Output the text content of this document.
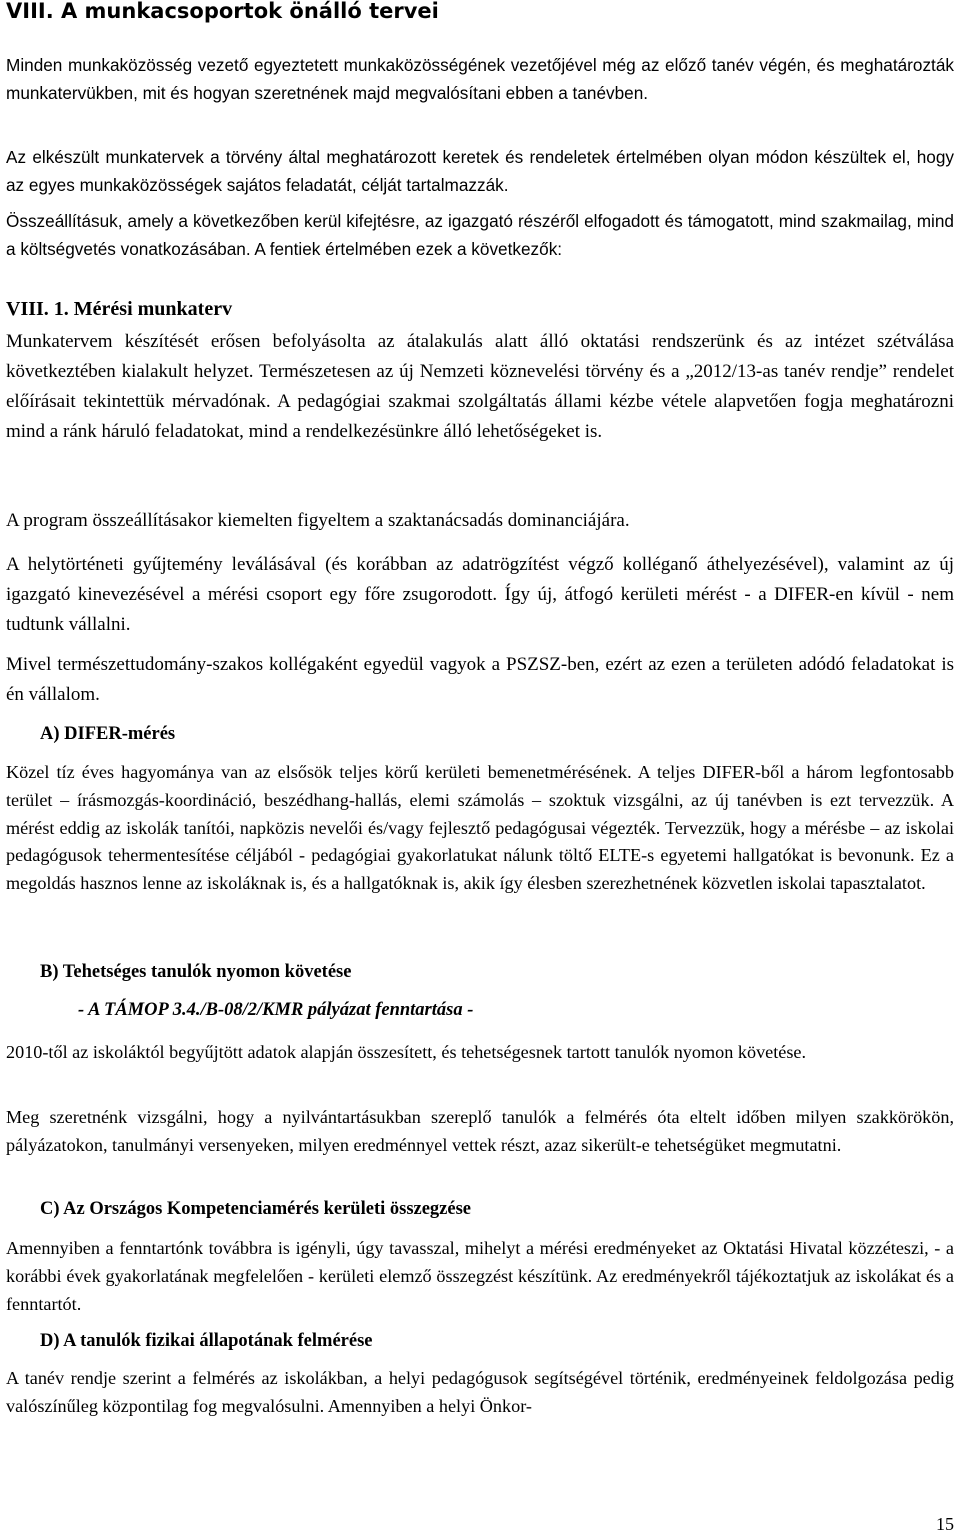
VIII. A munkacsoportok önálló tervei

Minden munkaközösség vezető egyeztetett munkaközösségének vezetőjével még az előző tanév végén, és meghatározták munkatervükben, mit és hogyan szeretnének majd megvalósítani ebben a tanévben.

Az elkészült munkatervek a törvény által meghatározott keretek és rendeletek értelmében olyan módon készültek el, hogy az egyes munkaközösségek sajátos feladatát, célját tartalmazzák.

Összeállításuk, amely a következőben kerül kifejtésre, az igazgató részéről elfogadott és támogatott, mind szakmailag, mind a költségvetés vonatkozásában. A fentiek értelmében ezek a következők:

VIII. 1. Mérési munkaterv

Munkatervem készítését erősen befolyásolta az átalakulás alatt álló oktatási rendszerünk és az intézet szétválása következtében kialakult helyzet. Természetesen az új Nemzeti köznevelési törvény és a „2012/13-as tanév rendje” rendelet előírásait tekintettük mérvadónak. A pedagógiai szakmai szolgáltatás állami kézbe vétele alapvetően fogja meghatározni mind a ránk háruló feladatokat, mind a rendelkezésünkre álló lehetőségeket is.

A program összeállításakor kiemelten figyeltem a szaktanácsadás dominanciájára.

A helytörténeti gyűjtemény leválásával (és korábban az adatrögzítést végző kolléganő áthelyezésével), valamint az új igazgató kinevezésével a mérési csoport egy főre zsugorodott. Így új, átfogó kerületi mérést - a DIFER-en kívül - nem tudtunk vállalni.

Mivel természettudomány-szakos kollégaként egyedül vagyok a PSZSZ-ben, ezért az ezen a területen adódó feladatokat is én vállalom.

A) DIFER-mérés

Közel tíz éves hagyománya van az elsősök teljes körű kerületi bemenetmérésének. A teljes DIFER-ből a három legfontosabb terület – írásmozgás-koordináció, beszédhang-hallás, elemi számolás – szoktuk vizsgálni, az új tanévben is ezt tervezzük. A mérést eddig az iskolák tanítói, napközis nevelői és/vagy fejlesztő pedagógusai végezték. Tervezzük, hogy a mérésbe – az iskolai pedagógusok tehermentesítése céljából - pedagógiai gyakorlatukat nálunk töltő ELTE-s egyetemi hallgatókat is bevonunk. Ez a megoldás hasznos lenne az iskoláknak is, és a hallgatóknak is, akik így élesben szerezhetnének közvetlen iskolai tapasztalatot.

B) Tehetséges tanulók nyomon követése
- A TÁMOP 3.4./B-08/2/KMR pályázat fenntartása -

2010-től az iskoláktól begyűjtött adatok alapján összesített, és tehetségesnek tartott tanulók nyomon követése.

Meg szeretnénk vizsgálni, hogy a nyilvántartásukban szereplő tanulók a felmérés óta eltelt időben milyen szakkörökön, pályázatokon, tanulmányi versenyeken, milyen eredménnyel vettek részt, azaz sikerült-e tehetségüket megmutatni.

C) Az Országos Kompetenciamérés kerületi összegzése

Amennyiben a fenntartónk továbbra is igényli, úgy tavasszal, mihelyt a mérési eredményeket az Oktatási Hivatal közzéteszi, - a korábbi évek gyakorlatának megfelelően - kerületi elemző összegzést készítünk. Az eredményekről tájékoztatjuk az iskolákat és a fenntartót.

D) A tanulók fizikai állapotának felmérése

A tanév rendje szerint a felmérés az iskolákban, a helyi pedagógusok segítségével történik, eredményeinek feldolgozása pedig valószínűleg központilag fog megvalósulni. Amennyiben a helyi Önkor-

15
